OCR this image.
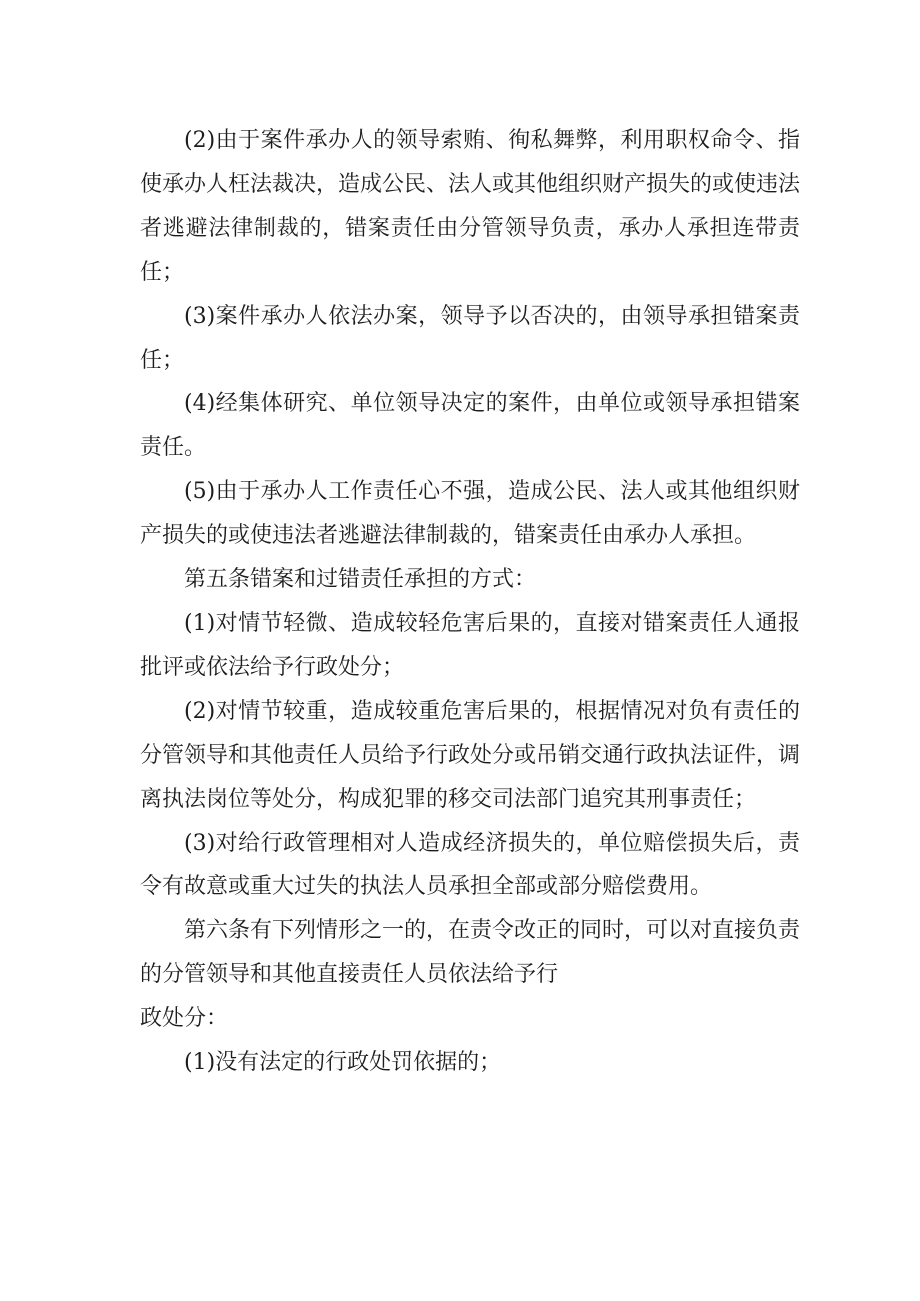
(2)由于案件承办人的领导索贿、徇私舞弊，利用职权命令、指使承办人枉法裁决，造成公民、法人或其他组织财产损失的或使违法者逃避法律制裁的，错案责任由分管领导负责，承办人承担连带责任；

(3)案件承办人依法办案，领导予以否决的，由领导承担错案责任；

(4)经集体研究、单位领导决定的案件，由单位或领导承担错案责任。

(5)由于承办人工作责任心不强，造成公民、法人或其他组织财产损失的或使违法者逃避法律制裁的，错案责任由承办人承担。

第五条错案和过错责任承担的方式：

(1)对情节轻微、造成较轻危害后果的，直接对错案责任人通报批评或依法给予行政处分；

(2)对情节较重，造成较重危害后果的，根据情况对负有责任的分管领导和其他责任人员给予行政处分或吊销交通行政执法证件，调离执法岗位等处分，构成犯罪的移交司法部门追究其刑事责任；

(3)对给行政管理相对人造成经济损失的，单位赔偿损失后，责令有故意或重大过失的执法人员承担全部或部分赔偿费用。

第六条有下列情形之一的，在责令改正的同时，可以对直接负责的分管领导和其他直接责任人员依法给予行

政处分：

(1)没有法定的行政处罚依据的；
